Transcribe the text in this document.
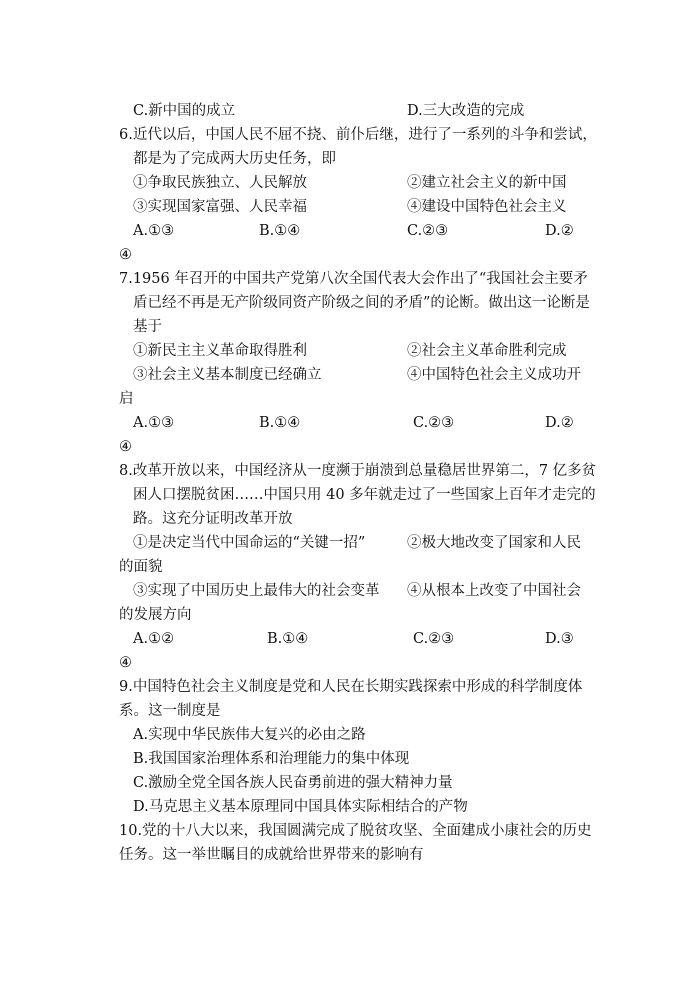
C.新中国的成立	D.三大改造的完成
6.近代以后，中国人民不屈不挠、前仆后继，进行了一系列的斗争和尝试，
都是为了完成两大历史任务，即
①争取民族独立、人民解放	②建立社会主义的新中国
③实现国家富强、人民幸福	④建设中国特色社会主义
A.①③	B.①④	C.②③	D.②
④
7.1956 年召开的中国共产党第八次全国代表大会作出了“我国社会主要矛
盾已经不再是无产阶级同资产阶级之间的矛盾”的论断。做出这一论断是
基于
①新民主主义革命取得胜利	②社会主义革命胜利完成
③社会主义基本制度已经确立	④中国特色社会主义成功开
启
A.①③	B.①④	C.②③	D.②
④
8.改革开放以来，中国经济从一度濒于崩溃到总量稳居世界第二，7 亿多贫
困人口摆脱贫困……中国只用 40 多年就走过了一些国家上百年才走完的
路。这充分证明改革开放
①是决定当代中国命运的“关键一招”	②极大地改变了国家和人民
的面貌
③实现了中国历史上最伟大的社会变革 ④从根本上改变了中国社会
的发展方向
A.①②	B.①④	C.②③	D.③
④
9.中国特色社会主义制度是党和人民在长期实践探索中形成的科学制度体
系。这一制度是
A.实现中华民族伟大复兴的必由之路
B.我国国家治理体系和治理能力的集中体现
C.激励全党全国各族人民奋勇前进的强大精神力量
D.马克思主义基本原理同中国具体实际相结合的产物
10.党的十八大以来，我国圆满完成了脱贫攻坚、全面建成小康社会的历史
任务。这一举世瞩目的成就给世界带来的影响有
